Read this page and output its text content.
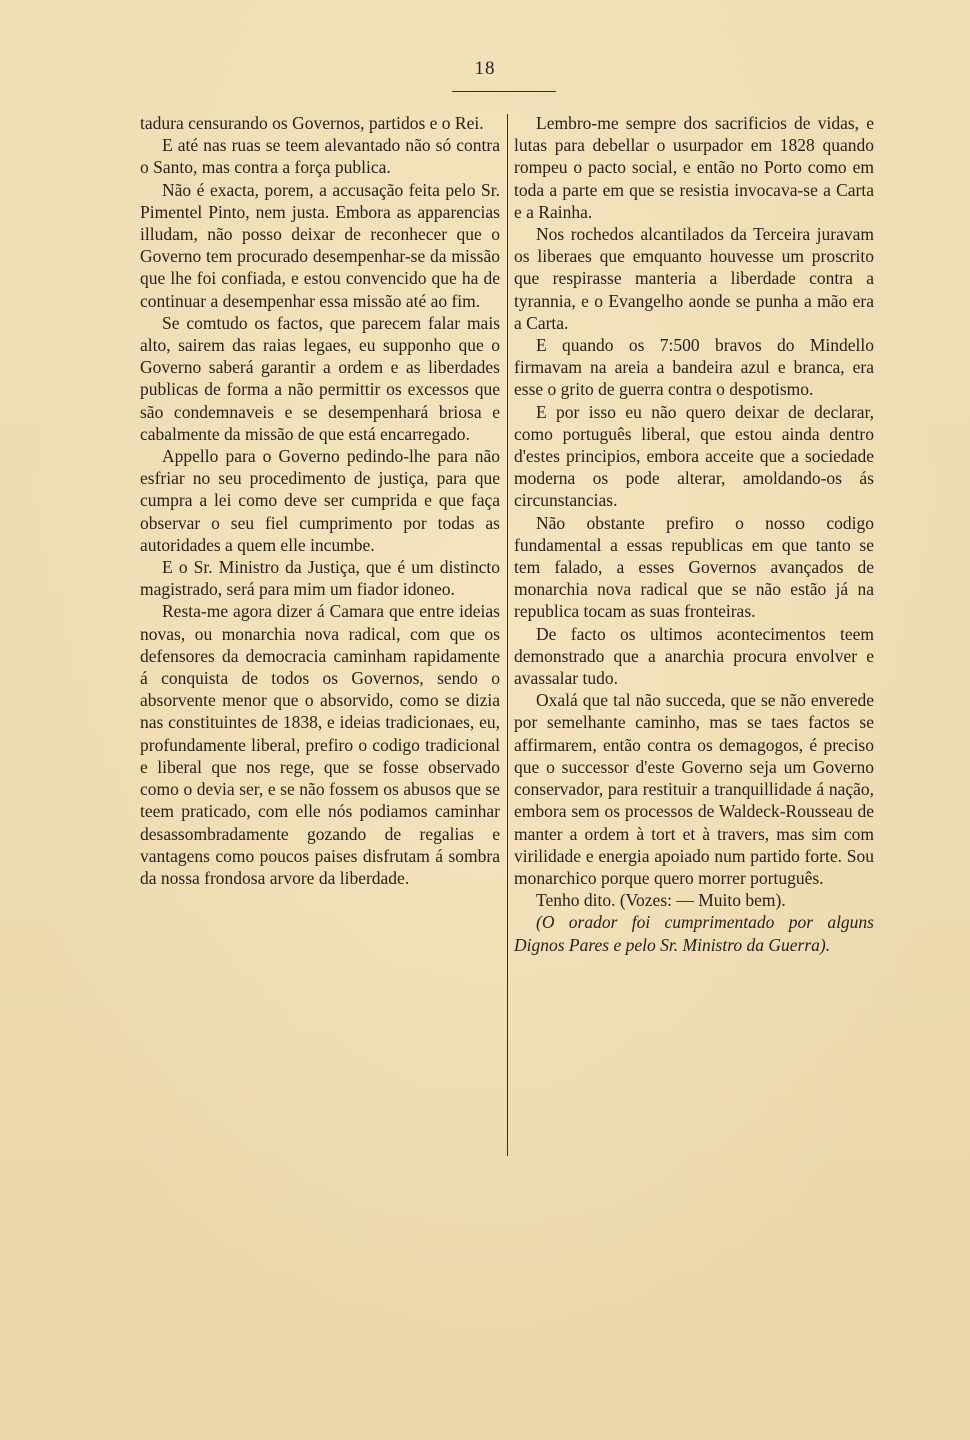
18

tadura censurando os Governos, partidos e o Rei.

E até nas ruas se teem alevantado não só contra o Santo, mas contra a força publica.

Não é exacta, porem, a accusação feita pelo Sr. Pimentel Pinto, nem justa. Embora as apparencias illudam, não posso deixar de reconhecer que o Governo tem procurado desempenhar-se da missão que lhe foi confiada, e estou convencido que ha de continuar a desempenhar essa missão até ao fim.

Se comtudo os factos, que parecem falar mais alto, sairem das raias legaes, eu supponho que o Governo saberá garantir a ordem e as liberdades publicas de forma a não permittir os excessos que são condemnaveis e se desempenhará briosa e cabalmente da missão de que está encarregado.

Appello para o Governo pedindo-lhe para não esfriar no seu procedimento de justiça, para que cumpra a lei como deve ser cumprida e que faça observar o seu fiel cumprimento por todas as autoridades a quem elle incumbe.

E o Sr. Ministro da Justiça, que é um distincto magistrado, será para mim um fiador idoneo.

Resta-me agora dizer á Camara que entre ideias novas, ou monarchia nova radical, com que os defensores da democracia caminham rapidamente á conquista de todos os Governos, sendo o absorvente menor que o absorvido, como se dizia nas constituintes de 1838, e ideias tradicionaes, eu, profundamente liberal, prefiro o codigo tradicional e liberal que nos rege, que se fosse observado como o devia ser, e se não fossem os abusos que se teem praticado, com elle nós podiamos caminhar desassombradamente gozando de regalias e vantagens como poucos paises disfrutam á sombra da nossa frondosa arvore da liberdade.

Lembro-me sempre dos sacrificios de vidas, e lutas para debellar o usurpador em 1828 quando rompeu o pacto social, e então no Porto como em toda a parte em que se resistia invocava-se a Carta e a Rainha.

Nos rochedos alcantilados da Terceira juravam os liberaes que emquanto houvesse um proscrito que respirasse manteria a liberdade contra a tyrannia, e o Evangelho aonde se punha a mão era a Carta.

E quando os 7:500 bravos do Mindello firmavam na areia a bandeira azul e branca, era esse o grito de guerra contra o despotismo.

E por isso eu não quero deixar de declarar, como português liberal, que estou ainda dentro d'estes principios, embora acceite que a sociedade moderna os pode alterar, amoldando-os ás circunstancias.

Não obstante prefiro o nosso codigo fundamental a essas republicas em que tanto se tem falado, a esses Governos avançados de monarchia nova radical que se não estão já na republica tocam as suas fronteiras.

De facto os ultimos acontecimentos teem demonstrado que a anarchia procura envolver e avassalar tudo.

Oxalá que tal não succeda, que se não enverede por semelhante caminho, mas se taes factos se affirmarem, então contra os demagogos, é preciso que o successor d'este Governo seja um Governo conservador, para restituir a tranquillidade á nação, embora sem os processos de Waldeck-Rousseau de manter a ordem à tort et à travers, mas sim com virilidade e energia apoiado num partido forte. Sou monarchico porque quero morrer português.

Tenho dito. (Vozes: — Muito bem).

(O orador foi cumprimentado por alguns Dignos Pares e pelo Sr. Ministro da Guerra).
